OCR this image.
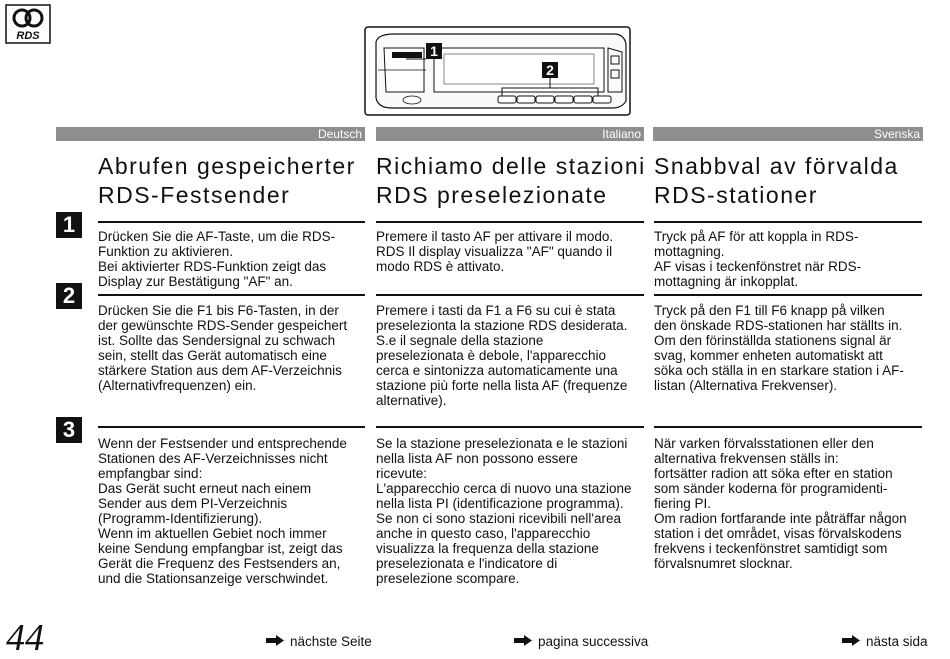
RDS
1
2
Deutsch	Italiano	Svenska
Abrufen gespeicherter
RDS-Festsender
Richiamo delle stazioni
RDS preselezionate
Snabbval av förvalda
RDS-stationer
1
2
3
Drücken Sie die AF-Taste, um die RDS-
Funktion zu aktivieren.
Bei aktivierter RDS-Funktion zeigt das
Display zur Bestätigung "AF" an.
Premere il tasto AF per attivare il modo.
RDS Il display visualizza "AF" quando il
modo RDS è attivato.
Tryck på AF för att koppla in RDS-
mottagning.
AF visas i teckenfönstret när RDS-
mottagning är inkopplat.
Drücken Sie die F1 bis F6-Tasten, in der
der gewünschte RDS-Sender gespeichert
ist. Sollte das Sendersignal zu schwach
sein, stellt das Gerät automatisch eine
stärkere Station aus dem AF-Verzeichnis
(Alternativfrequenzen) ein.
Premere i tasti da F1 a F6 su cui è stata
preselezionta la stazione RDS desiderata.
S.e il segnale della stazione
preselezionata è debole, l'apparecchio
cerca e sintonizza automaticamente una
stazione più forte nella lista AF (frequenze
alternative).
Tryck på den F1 till F6 knapp på vilken
den önskade RDS-stationen har ställts in.
Om den förinställda stationens signal är
svag, kommer enheten automatiskt att
söka och ställa in en starkare station i AF-
listan (Alternativa Frekvenser).
Wenn der Festsender und entsprechende
Stationen des AF-Verzeichnisses nicht
empfangbar sind:
Das Gerät sucht erneut nach einem
Sender aus dem PI-Verzeichnis
(Programm-Identifizierung).
Wenn im aktuellen Gebiet noch immer
keine Sendung empfangbar ist, zeigt das
Gerät die Frequenz des Festsenders an,
und die Stationsanzeige verschwindet.
Se la stazione preselezionata e le stazioni
nella lista AF non possono essere
ricevute:
L'apparecchio cerca di nuovo una stazione
nella lista PI (identificazione programma).
Se non ci sono stazioni ricevibili nell'area
anche in questo caso, l'apparecchio
visualizza la frequenza della stazione
preselezionata e l'indicatore di
preselezione scompare.
När varken förvalsstationen eller den
alternativa frekvensen ställs in:
fortsätter radion att söka efter en station
som sänder koderna för programidenti-
fiering PI.
Om radion fortfarande inte påträffar någon
station i det området, visas förvalskodens
frekvens i teckenfönstret samtidigt som
förvalsnumret slocknar.
44	nächste Seite	pagina successiva	nästa sida
